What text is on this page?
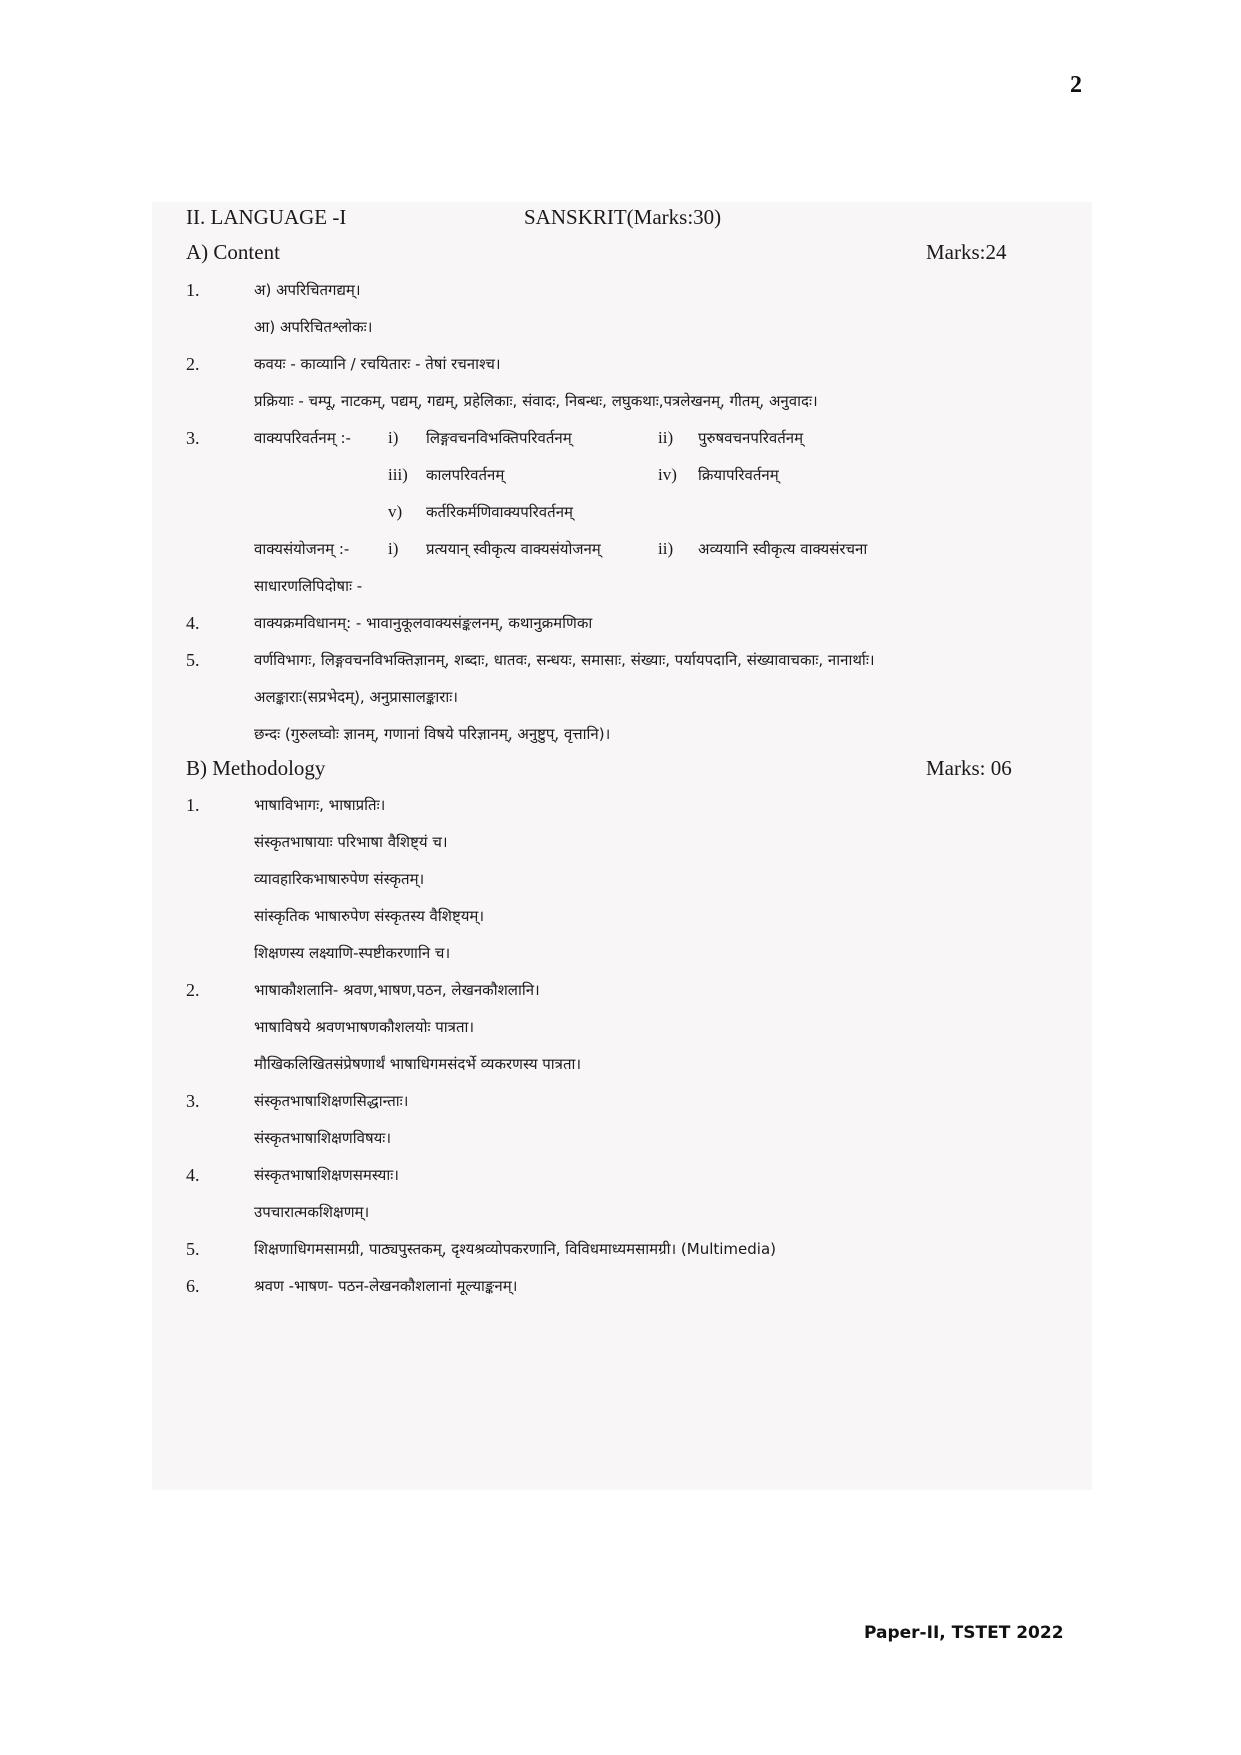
2
II. LANGUAGE -I	SANSKRIT(Marks:30)
A) Content	Marks:24
1.	अ) अपरिचितगद्यम्।
आ) अपरिचितश्लोकः।
2.	कवयः - काव्यानि / रचयितारः - तेषां रचनाश्च।
प्रक्रियाः - चम्पू, नाटकम्, पद्यम्, गद्यम्, प्रहेलिकाः, संवादः, निबन्धः, लघुकथाः,पत्रलेखनम्, गीतम्, अनुवादः।
3.	वाक्यपरिवर्तनम् :- i) लिङ्गवचनविभक्तिपरिवर्तनम्	ii) पुरुषवचनपरिवर्तनम्
iii) कालपरिवर्तनम्	iv) क्रियापरिवर्तनम्
v) कर्तरिकर्मणिवाक्यपरिवर्तनम्
वाक्यसंयोजनम् :- i) प्रत्ययान् स्वीकृत्य वाक्यसंयोजनम्	ii) अव्ययानि स्वीकृत्य वाक्यसंरचना
साधारणलिपिदोषाः -
4.	वाक्यक्रमविधानम्: - भावानुकूलवाक्यसंङ्कलनम्, कथानुक्रमणिका
5.	वर्णविभागः, लिङ्गवचनविभक्तिज्ञानम्, शब्दाः, धातवः, सन्धयः, समासाः, संख्याः, पर्यायपदानि, संख्यावाचकाः, नानार्थाः।
अलङ्काराः(सप्रभेदम्), अनुप्रासालङ्काराः।
छन्दः (गुरुलघ्वोः ज्ञानम्, गणानां विषये परिज्ञानम्, अनुष्टुप्, वृत्तानि)।
B) Methodology	Marks: 06
1.	भाषाविभागः, भाषाप्रतिः।
संस्कृतभाषायाः परिभाषा वैशिष्ट्यं च।
व्यावहारिकभाषारुपेण संस्कृतम्।
सांस्कृतिक भाषारुपेण संस्कृतस्य वैशिष्ट्यम्।
शिक्षणस्य लक्ष्याणि-स्पष्टीकरणानि च।
2.	भाषाकौशलानि- श्रवण,भाषण,पठन, लेखनकौशलानि।
भाषाविषये श्रवणभाषणकौशलयोः पात्रता।
मौखिकलिखितसंप्रेषणार्थं भाषाधिगमसंदर्भे व्यकरणस्य पात्रता।
3.	संस्कृतभाषाशिक्षणसिद्धान्ताः।
संस्कृतभाषाशिक्षणविषयः।
4.	संस्कृतभाषाशिक्षणसमस्याः।
उपचारात्मकशिक्षणम्।
5.	शिक्षणाधिगमसामग्री, पाठ्यपुस्तकम्, दृश्यश्रव्योपकरणानि, विविधमाध्यमसामग्री। (Multimedia)
6.	श्रवण -भाषण- पठन-लेखनकौशलानां मूल्याङ्कनम्।
Paper-II, TSTET 2022
